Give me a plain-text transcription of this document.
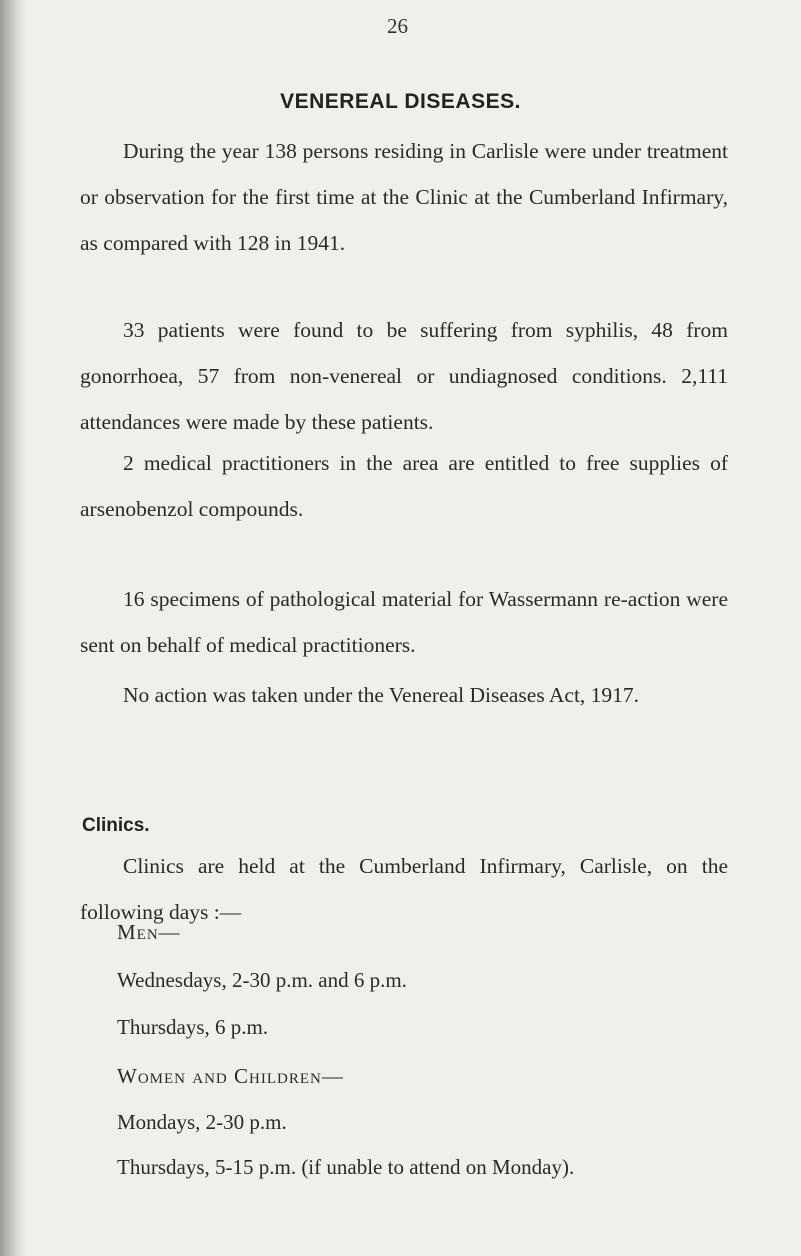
26
VENEREAL DISEASES.

During the year 138 persons residing in Carlisle were under treatment or observation for the first time at the Clinic at the Cumberland Infirmary, as compared with 128 in 1941.

33 patients were found to be suffering from syphilis, 48 from gonorrhoea, 57 from non-venereal or undiagnosed conditions. 2,111 attendances were made by these patients.

2 medical practitioners in the area are entitled to free supplies of arsenobenzol compounds.

16 specimens of pathological material for Wassermann re-action were sent on behalf of medical practitioners.

No action was taken under the Venereal Diseases Act, 1917.

Clinics.

Clinics are held at the Cumberland Infirmary, Carlisle, on the following days :—

Men—
Wednesdays, 2-30 p.m. and 6 p.m.
Thursdays, 6 p.m.
Women and Children—
Mondays, 2-30 p.m.
Thursdays, 5-15 p.m. (if unable to attend on Monday).
